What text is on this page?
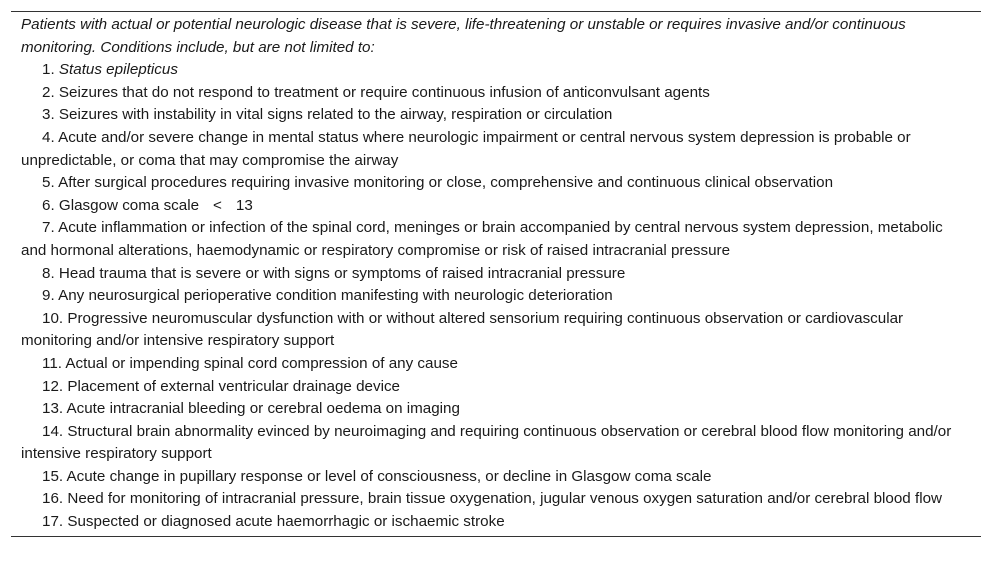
Patients with actual or potential neurologic disease that is severe, life-threatening or unstable or requires invasive and/or continuous monitoring. Conditions include, but are not limited to:

1. Status epilepticus
2. Seizures that do not respond to treatment or require continuous infusion of anticonvulsant agents
3. Seizures with instability in vital signs related to the airway, respiration or circulation
4. Acute and/or severe change in mental status where neurologic impairment or central nervous system depression is probable or unpredictable, or coma that may compromise the airway
5. After surgical procedures requiring invasive monitoring or close, comprehensive and continuous clinical observation
6. Glasgow coma scale < 13
7. Acute inflammation or infection of the spinal cord, meninges or brain accompanied by central nervous system depression, metabolic and hormonal alterations, haemodynamic or respiratory compromise or risk of raised intracranial pressure
8. Head trauma that is severe or with signs or symptoms of raised intracranial pressure
9. Any neurosurgical perioperative condition manifesting with neurologic deterioration
10. Progressive neuromuscular dysfunction with or without altered sensorium requiring continuous observation or cardiovascular monitoring and/or intensive respiratory support
11. Actual or impending spinal cord compression of any cause
12. Placement of external ventricular drainage device
13. Acute intracranial bleeding or cerebral oedema on imaging
14. Structural brain abnormality evinced by neuroimaging and requiring continuous observation or cerebral blood flow monitoring and/or intensive respiratory support
15. Acute change in pupillary response or level of consciousness, or decline in Glasgow coma scale
16. Need for monitoring of intracranial pressure, brain tissue oxygenation, jugular venous oxygen saturation and/or cerebral blood flow
17. Suspected or diagnosed acute haemorrhagic or ischaemic stroke
